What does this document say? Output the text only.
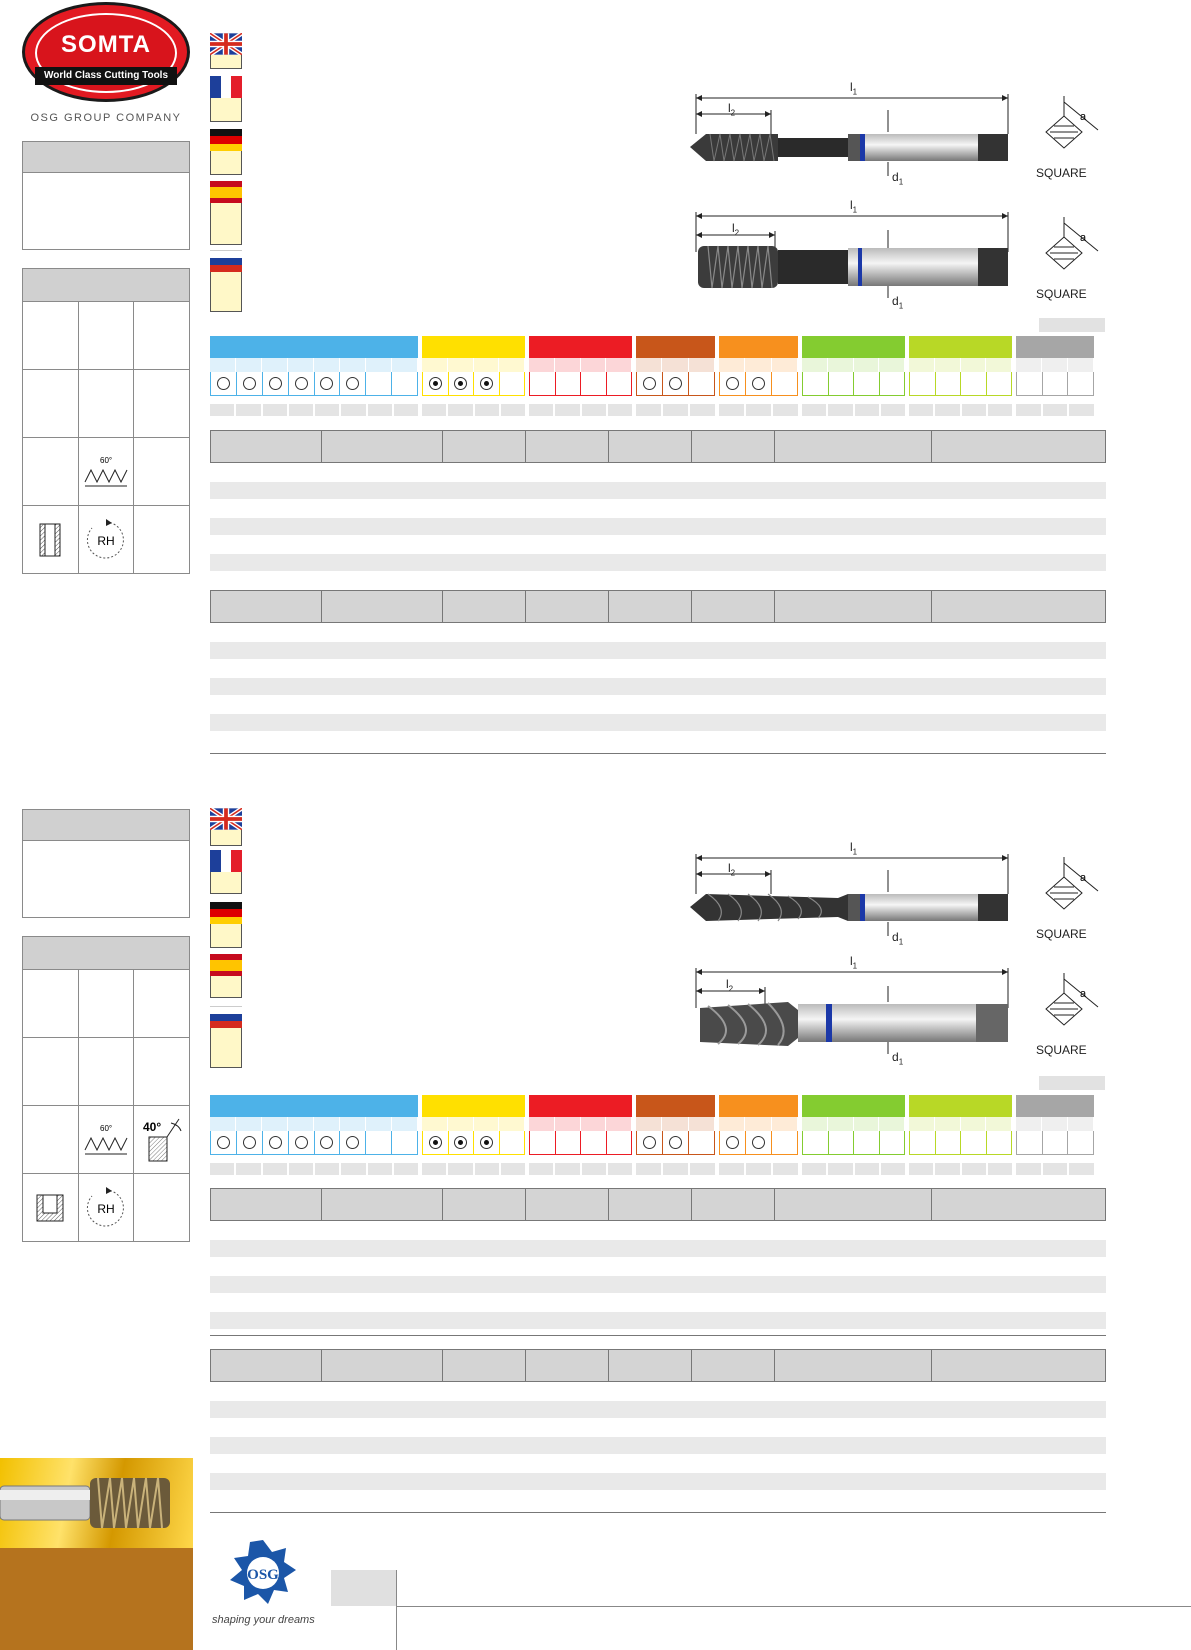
SOMTA
World Class Cutting Tools
OSG GROUP COMPANY
60°
RH
$l_1$
$l_2$
$d_1$
a
SQUARE
$l_1$
$l_2$
$d_1$
a
SQUARE
60°	40°
RH
$l_1$
$l_2$
$d_1$
a
SQUARE
$l_1$
$l_2$
$d_1$
a
SQUARE
OSG
shaping your dreams
